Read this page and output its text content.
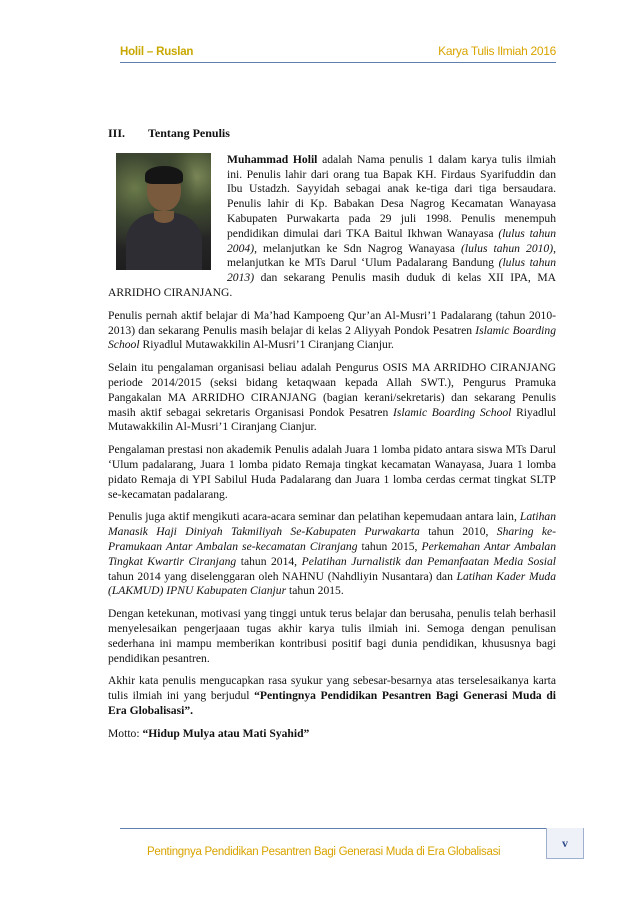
Holil – Ruslan	Karya Tulis Ilmiah 2016
III. Tentang Penulis

Muhammad Holil adalah Nama penulis 1 dalam karya tulis ilmiah ini. Penulis lahir dari orang tua Bapak KH. Firdaus Syarifuddin dan Ibu Ustadzh. Sayyidah sebagai anak ke-tiga dari tiga bersaudara. Penulis lahir di Kp. Babakan Desa Nagrog Kecamatan Wanayasa Kabupaten Purwakarta pada 29 juli 1998. Penulis menempuh pendidikan dimulai dari TKA Baitul Ikhwan Wanayasa (lulus tahun 2004), melanjutkan ke Sdn Nagrog Wanayasa (lulus tahun 2010), melanjutkan ke MTs Darul ‘Ulum Padalarang Bandung (lulus tahun 2013) dan sekarang Penulis masih duduk di kelas XII IPA, MA ARRIDHO CIRANJANG.

Penulis pernah aktif belajar di Ma’had Kampoeng Qur’an Al-Musri’1 Padalarang (tahun 2010-2013) dan sekarang Penulis masih belajar di kelas 2 Aliyyah Pondok Pesatren Islamic Boarding School Riyadlul Mutawakkilin Al-Musri’1 Ciranjang Cianjur.

Selain itu pengalaman organisasi beliau adalah Pengurus OSIS MA ARRIDHO CIRANJANG periode 2014/2015 (seksi bidang ketaqwaan kepada Allah SWT.), Pengurus Pramuka Pangakalan MA ARRIDHO CIRANJANG (bagian kerani/sekretaris) dan sekarang Penulis masih aktif sebagai sekretaris Organisasi Pondok Pesatren Islamic Boarding School Riyadlul Mutawakkilin Al-Musri’1 Ciranjang Cianjur.

Pengalaman prestasi non akademik Penulis adalah Juara 1 lomba pidato antara siswa MTs Darul ‘Ulum padalarang, Juara 1 lomba pidato Remaja tingkat kecamatan Wanayasa, Juara 1 lomba pidato Remaja di YPI Sabilul Huda Padalarang dan Juara 1 lomba cerdas cermat tingkat SLTP se-kecamatan padalarang.

Penulis juga aktif mengikuti acara-acara seminar dan pelatihan kepemudaan antara lain, Latihan Manasik Haji Diniyah Takmiliyah Se-Kabupaten Purwakarta tahun 2010, Sharing ke-Pramukaan Antar Ambalan se-kecamatan Ciranjang tahun 2015, Perkemahan Antar Ambalan Tingkat Kwartir Ciranjang tahun 2014, Pelatihan Jurnalistik dan Pemanfaatan Media Sosial tahun 2014 yang diselenggaran oleh NAHNU (Nahdliyin Nusantara) dan Latihan Kader Muda (LAKMUD) IPNU Kabupaten Cianjur tahun 2015.

Dengan ketekunan, motivasi yang tinggi untuk terus belajar dan berusaha, penulis telah berhasil menyelesaikan pengerjaaan tugas akhir karya tulis ilmiah ini. Semoga dengan penulisan sederhana ini mampu memberikan kontribusi positif bagi dunia pendidikan, khususnya bagi pendidikan pesantren.

Akhir kata penulis mengucapkan rasa syukur yang sebesar-besarnya atas terselesaikanya karta tulis ilmiah ini yang berjudul “Pentingnya Pendidikan Pesantren Bagi Generasi Muda di Era Globalisasi”.

Motto: “Hidup Mulya atau Mati Syahid”

Pentingnya Pendidikan Pesantren Bagi Generasi Muda di Era Globalisasi
v
